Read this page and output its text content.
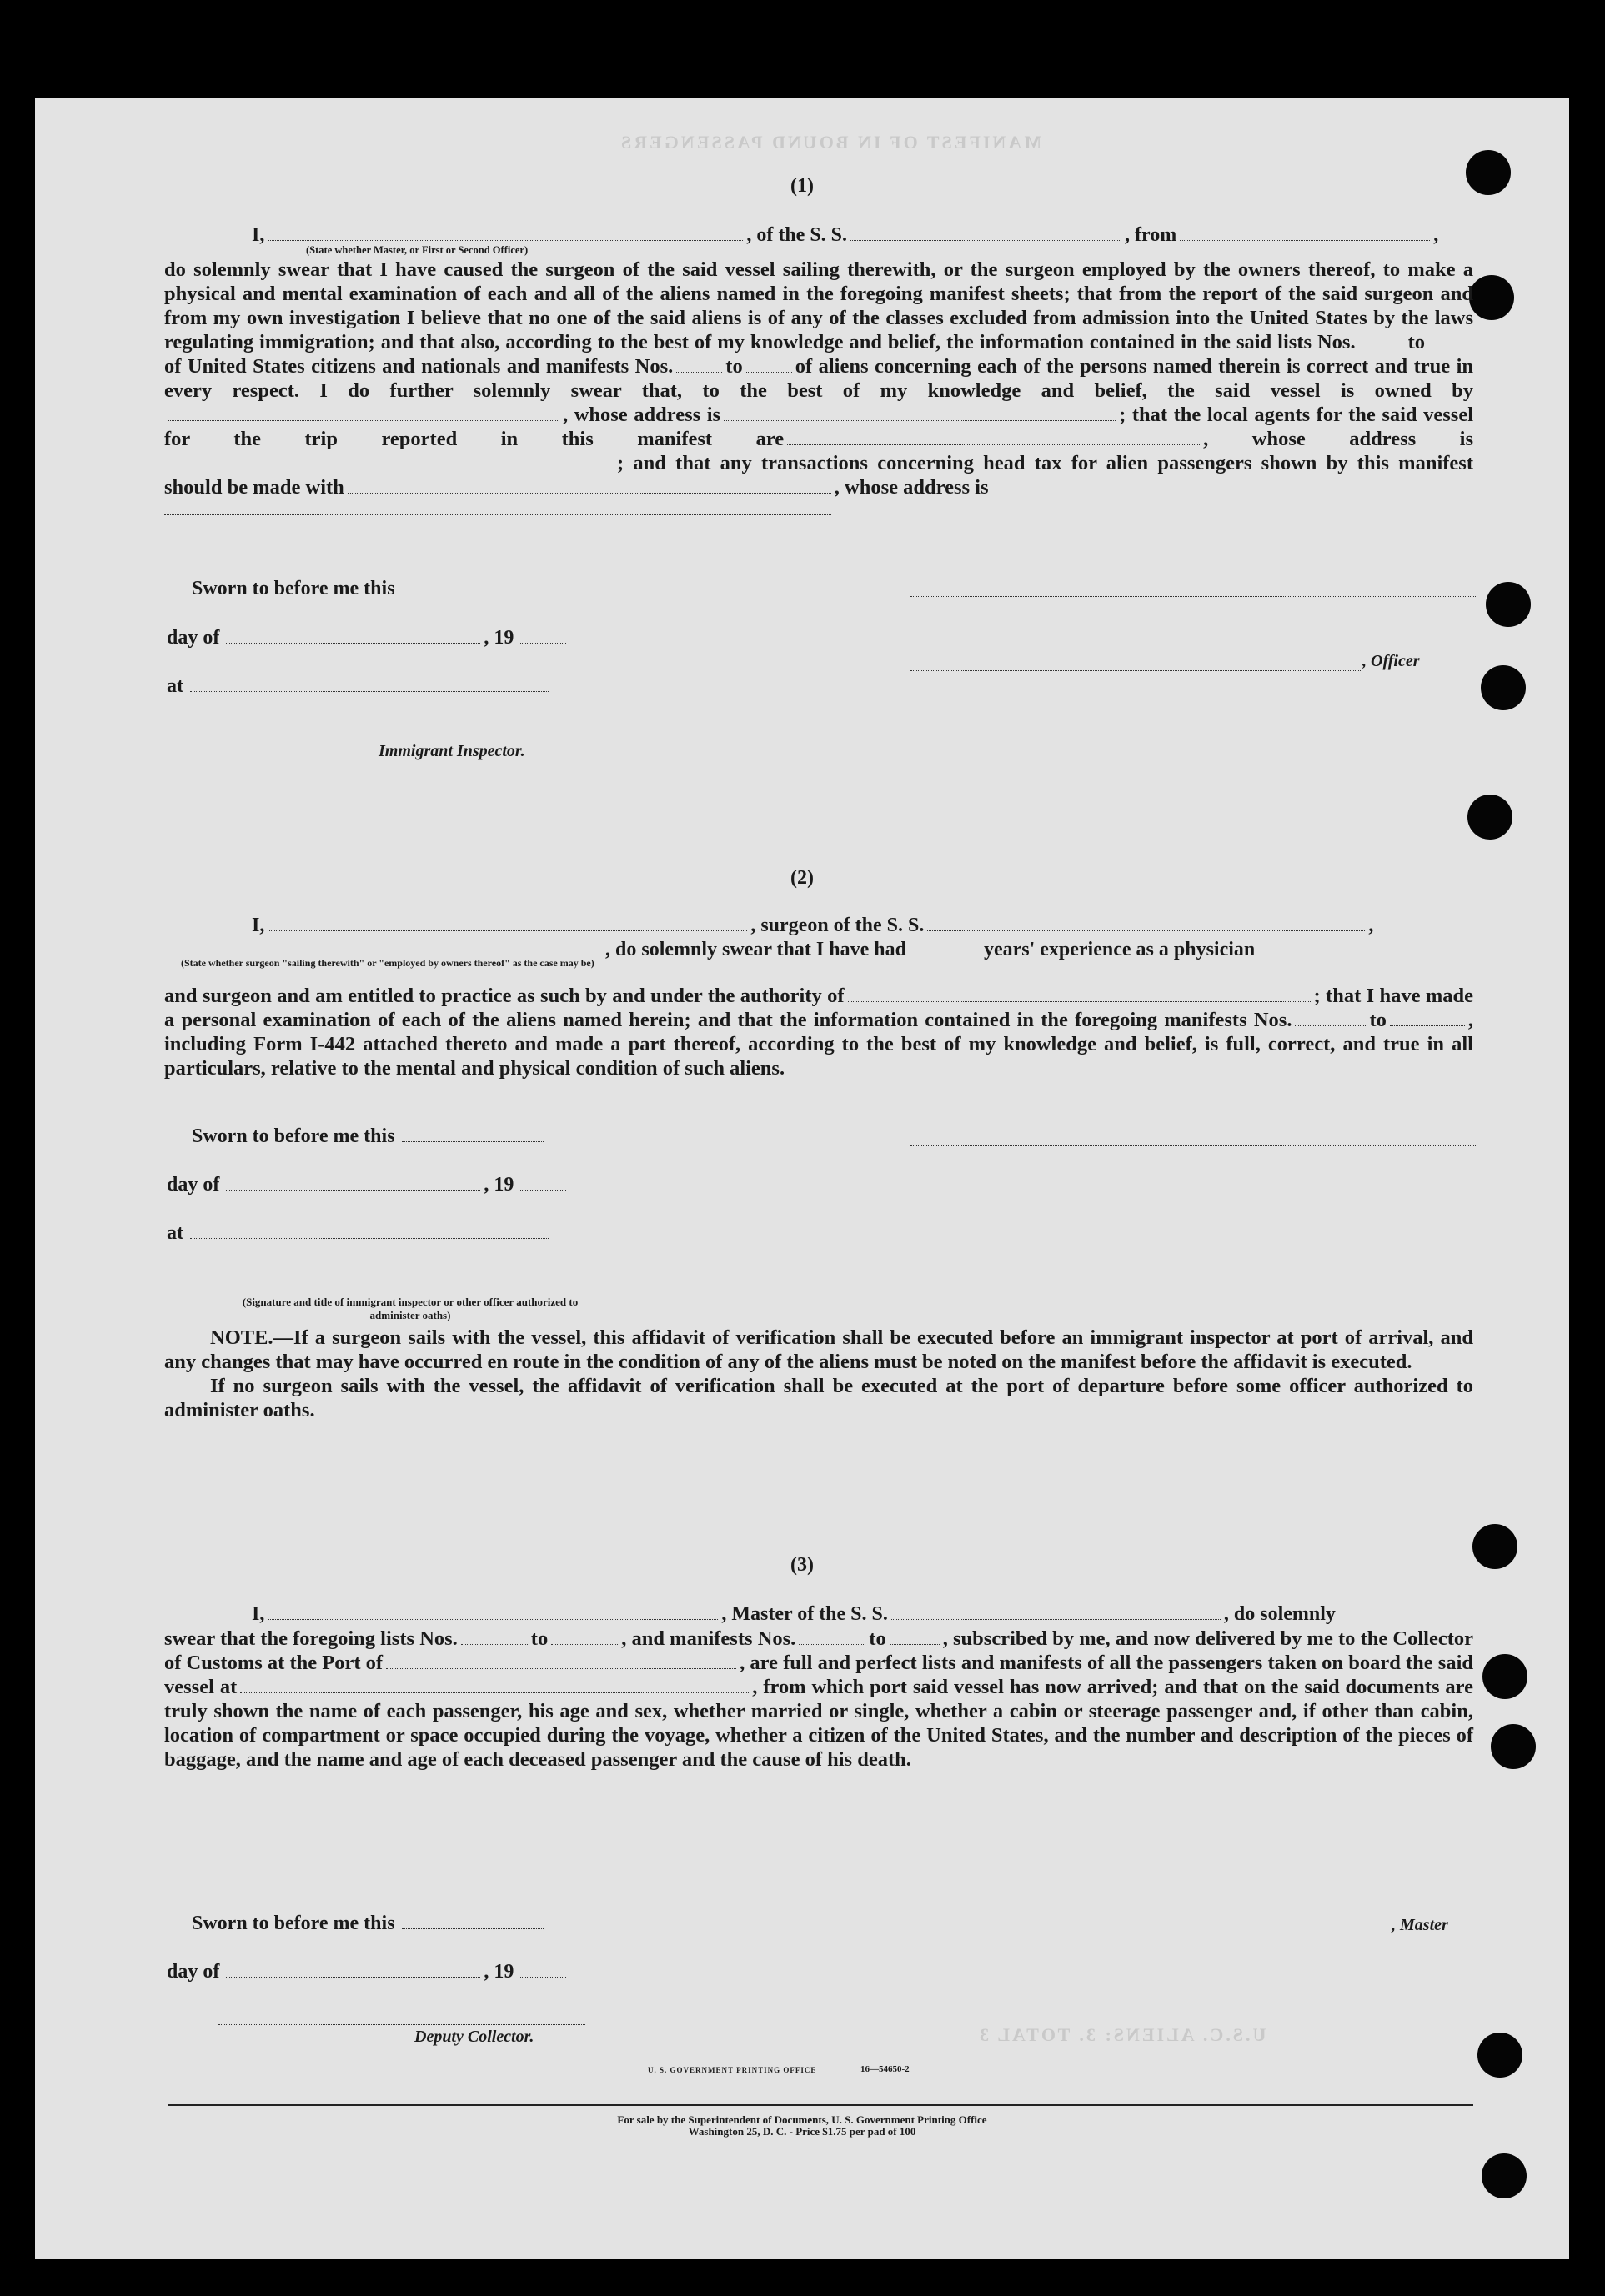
MANIFEST OF IN BOUND PASSENGERS
U.S.C. ALIENS: 3. TOTAL 3
(1)

I,	, of the S. S.	, from	,

(State whether Master, or First or Second Officer)

do solemnly swear that I have caused the surgeon of the said vessel sailing therewith, or the surgeon employed by the owners thereof, to make a physical and mental examination of each and all of the aliens named in the foregoing manifest sheets; that from the report of the said surgeon and from my own investigation I believe that no one of the said aliens is of any of the classes excluded from admission into the United States by the laws regulating immigration; and that also, according to the best of my knowledge and belief, the information contained in the said lists Nos.	to of United States citizens and nationals and manifests Nos.	to	of aliens concerning each of the persons named therein is correct and true in every respect. I do further solemnly swear that, to the best of my knowledge and belief, the said vessel is owned by, whose address is	; that the local agents for the said vessel for the trip reported in this manifest are	, whose address is; and that any transactions concerning head tax for alien passengers shown by this manifest should be made with	, whose address is

Sworn to before me this
day of	, 19
, Officer
at
Immigrant Inspector.
(2)

I,	, surgeon of the S. S.	,

, do solemnly swear that I have had	years' experience as a physician

(State whether surgeon "sailing therewith" or "employed by owners thereof" as the case may be)

and surgeon and am entitled to practice as such by and under the authority of	; that I have made a personal examination of each of the aliens named herein; and that the information contained in the foregoing manifests Nos.	to	, including Form I-442 attached thereto and made a part thereof, according to the best of my knowledge and belief, is full, correct, and true in all particulars, relative to the mental and physical condition of such aliens.

Sworn to before me this
day of	, 19
at
(Signature and title of immigrant inspector or other officer authorized to administer oaths)

NOTE.—If a surgeon sails with the vessel, this affidavit of verification shall be executed before an immigrant inspector at port of arrival, and any changes that may have occurred en route in the condition of any of the aliens must be noted on the manifest before the affidavit is executed.

If no surgeon sails with the vessel, the affidavit of verification shall be executed at the port of departure before some officer authorized to administer oaths.

(3)

I,	, Master of the S. S.	, do solemnly

swear that the foregoing lists Nos.	to	, and manifests Nos.	to	, subscribed by me, and now delivered by me to the Collector of Customs at the Port of	, are full and perfect lists and manifests of all the passengers taken on board the said vessel at	, from which port said vessel has now arrived; and that on the said documents are truly shown the name of each passenger, his age and sex, whether married or single, whether a cabin or steerage passenger and, if other than cabin, location of compartment or space occupied during the voyage, whether a citizen of the United States, and the number and description of the pieces of baggage, and the name and age of each deceased passenger and the cause of his death.

Sworn to before me this	, Master
day of	, 19
Deputy Collector.
U. S. GOVERNMENT PRINTING OFFICE	16—54650-2
For sale by the Superintendent of Documents, U. S. Government Printing Office
Washington 25, D. C. - Price $1.75 per pad of 100
